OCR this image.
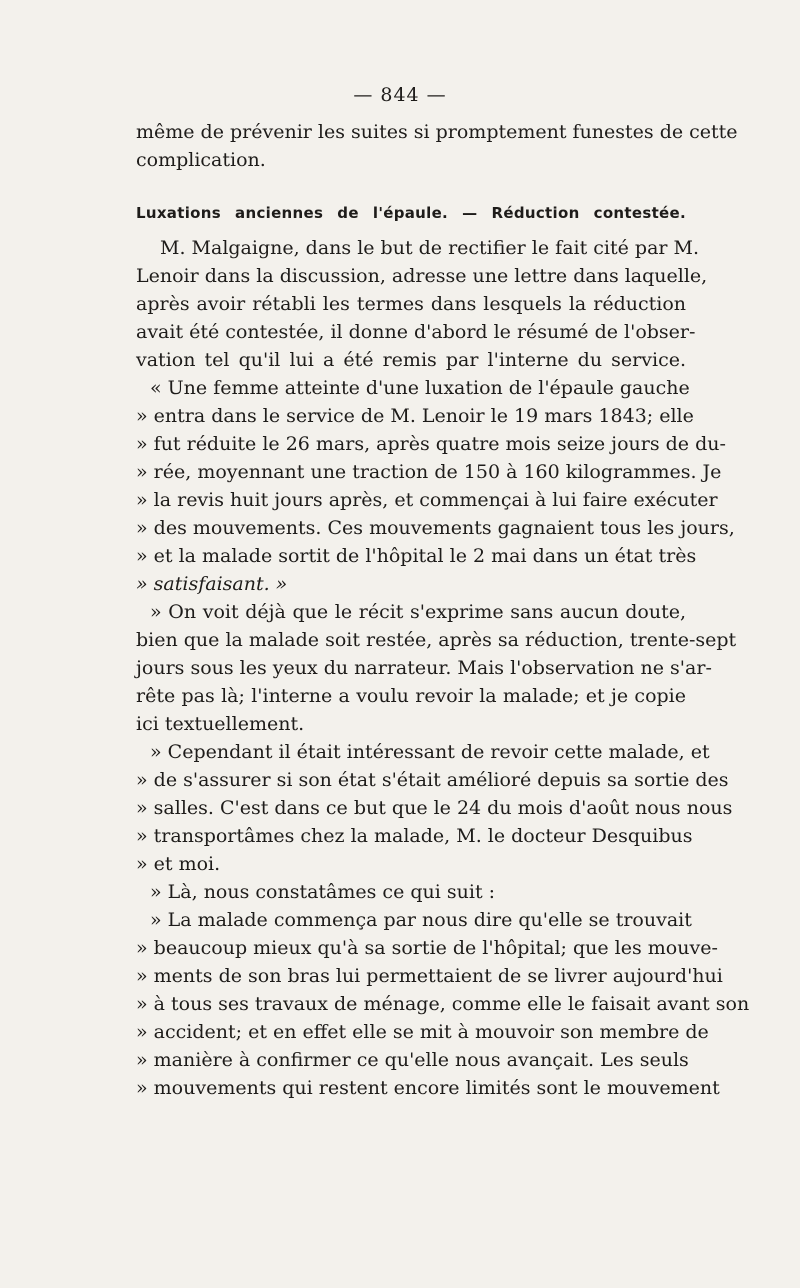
— 844 —
même de prévenir les suites si promptement funestes de cette
complication.
Luxations anciennes de l'épaule. — Réduction contestée.
M. Malgaigne, dans le but de rectifier le fait cité par M.
Lenoir dans la discussion, adresse une lettre dans laquelle,
après avoir rétabli les termes dans lesquels la réduction
avait été contestée, il donne d'abord le résumé de l'obser-
vation tel qu'il lui a été remis par l'interne du service.
« Une femme atteinte d'une luxation de l'épaule gauche
» entra dans le service de M. Lenoir le 19 mars 1843; elle
» fut réduite le 26 mars, après quatre mois seize jours de du-
» rée, moyennant une traction de 150 à 160 kilogrammes. Je
» la revis huit jours après, et commençai à lui faire exécuter
» des mouvements. Ces mouvements gagnaient tous les jours,
» et la malade sortit de l'hôpital le 2 mai dans un état très
» satisfaisant. »
» On voit déjà que le récit s'exprime sans aucun doute,
bien que la malade soit restée, après sa réduction, trente-sept
jours sous les yeux du narrateur. Mais l'observation ne s'ar-
rête pas là; l'interne a voulu revoir la malade; et je copie
ici textuellement.
» Cependant il était intéressant de revoir cette malade, et
» de s'assurer si son état s'était amélioré depuis sa sortie des
» salles. C'est dans ce but que le 24 du mois d'août nous nous
» transportâmes chez la malade, M. le docteur Desquibus
» et moi.
» Là, nous constatâmes ce qui suit :
» La malade commença par nous dire qu'elle se trouvait
» beaucoup mieux qu'à sa sortie de l'hôpital; que les mouve-
» ments de son bras lui permettaient de se livrer aujourd'hui
» à tous ses travaux de ménage, comme elle le faisait avant son
» accident; et en effet elle se mit à mouvoir son membre de
» manière à confirmer ce qu'elle nous avançait. Les seuls
» mouvements qui restent encore limités sont le mouvement
